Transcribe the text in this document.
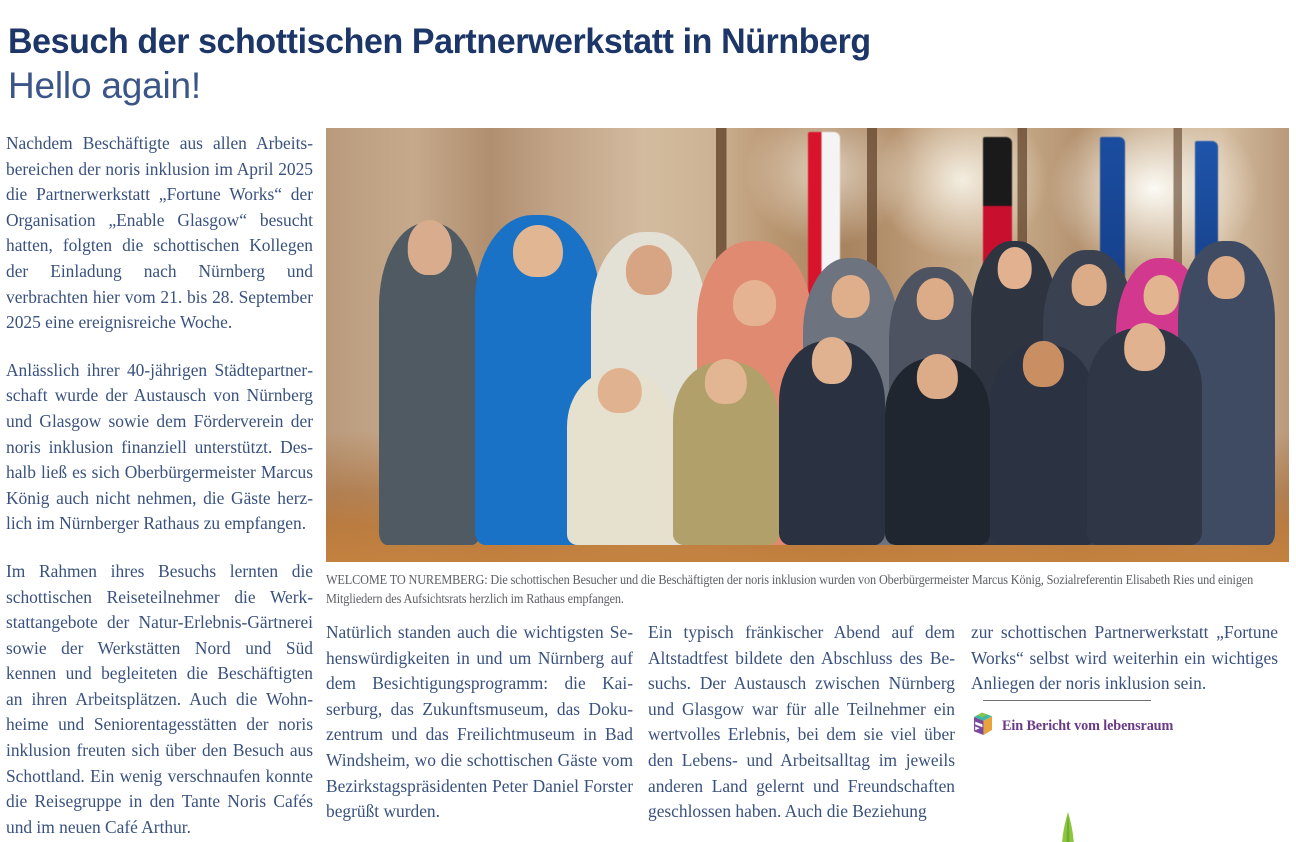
Besuch der schottischen Partnerwerkstatt in Nürnberg
Hello again!
WELCOME TO NUREMBERG: Die schottischen Besucher und die Beschäftigten der noris inklusion wurden von Oberbürgermeister Marcus König, Sozialreferentin Elisabeth Ries und einigen Mitgliedern des Aufsichtsrats herzlich im Rathaus empfangen.

Nachdem Beschäftigte aus allen Arbeitsbereichen der noris inklusion im April 2025 die Partnerwerkstatt „Fortune Works“ der Organisation „Enable Glasgow“ besucht hatten, folgten die schottischen Kollegen der Einladung nach Nürnberg und verbrachten hier vom 21. bis 28. September 2025 eine ereignisreiche Woche.

Anlässlich ihrer 40-jährigen Städtepartnerschaft wurde der Austausch von Nürnberg und Glasgow sowie dem Förderverein der noris inklusion finanziell unterstützt. Deshalb ließ es sich Oberbürgermeister Marcus König auch nicht nehmen, die Gäste herzlich im Nürnberger Rathaus zu empfangen.

Im Rahmen ihres Besuchs lernten die schottischen Reiseteilnehmer die Werkstattangebote der Natur-Erlebnis-Gärtnerei sowie der Werkstätten Nord und Süd kennen und begleiteten die Beschäftigten an ihren Arbeitsplätzen. Auch die Wohnheime und Seniorentagesstätten der noris inklusion freuten sich über den Besuch aus Schottland. Ein wenig verschnaufen konnte die Reisegruppe in den Tante Noris Cafés und im neuen Café Arthur.

Natürlich standen auch die wichtigsten Sehenswürdigkeiten in und um Nürnberg auf dem Besichtigungsprogramm: die Kaiserburg, das Zukunftsmuseum, das Dokuzentrum und das Freilichtmuseum in Bad Windsheim, wo die schottischen Gäste vom Bezirkstagspräsidenten Peter Daniel Forster begrüßt wurden.

Ein typisch fränkischer Abend auf dem Altstadtfest bildete den Abschluss des Besuchs. Der Austausch zwischen Nürnberg und Glasgow war für alle Teilnehmer ein wertvolles Erlebnis, bei dem sie viel über den Lebens- und Arbeitsalltag im jeweils anderen Land gelernt und Freundschaften geschlossen haben. Auch die Beziehung

zur schottischen Partnerwerkstatt „Fortune Works“ selbst wird weiterhin ein wichtiges Anliegen der noris inklusion sein.

Ein Bericht vom lebensraum
